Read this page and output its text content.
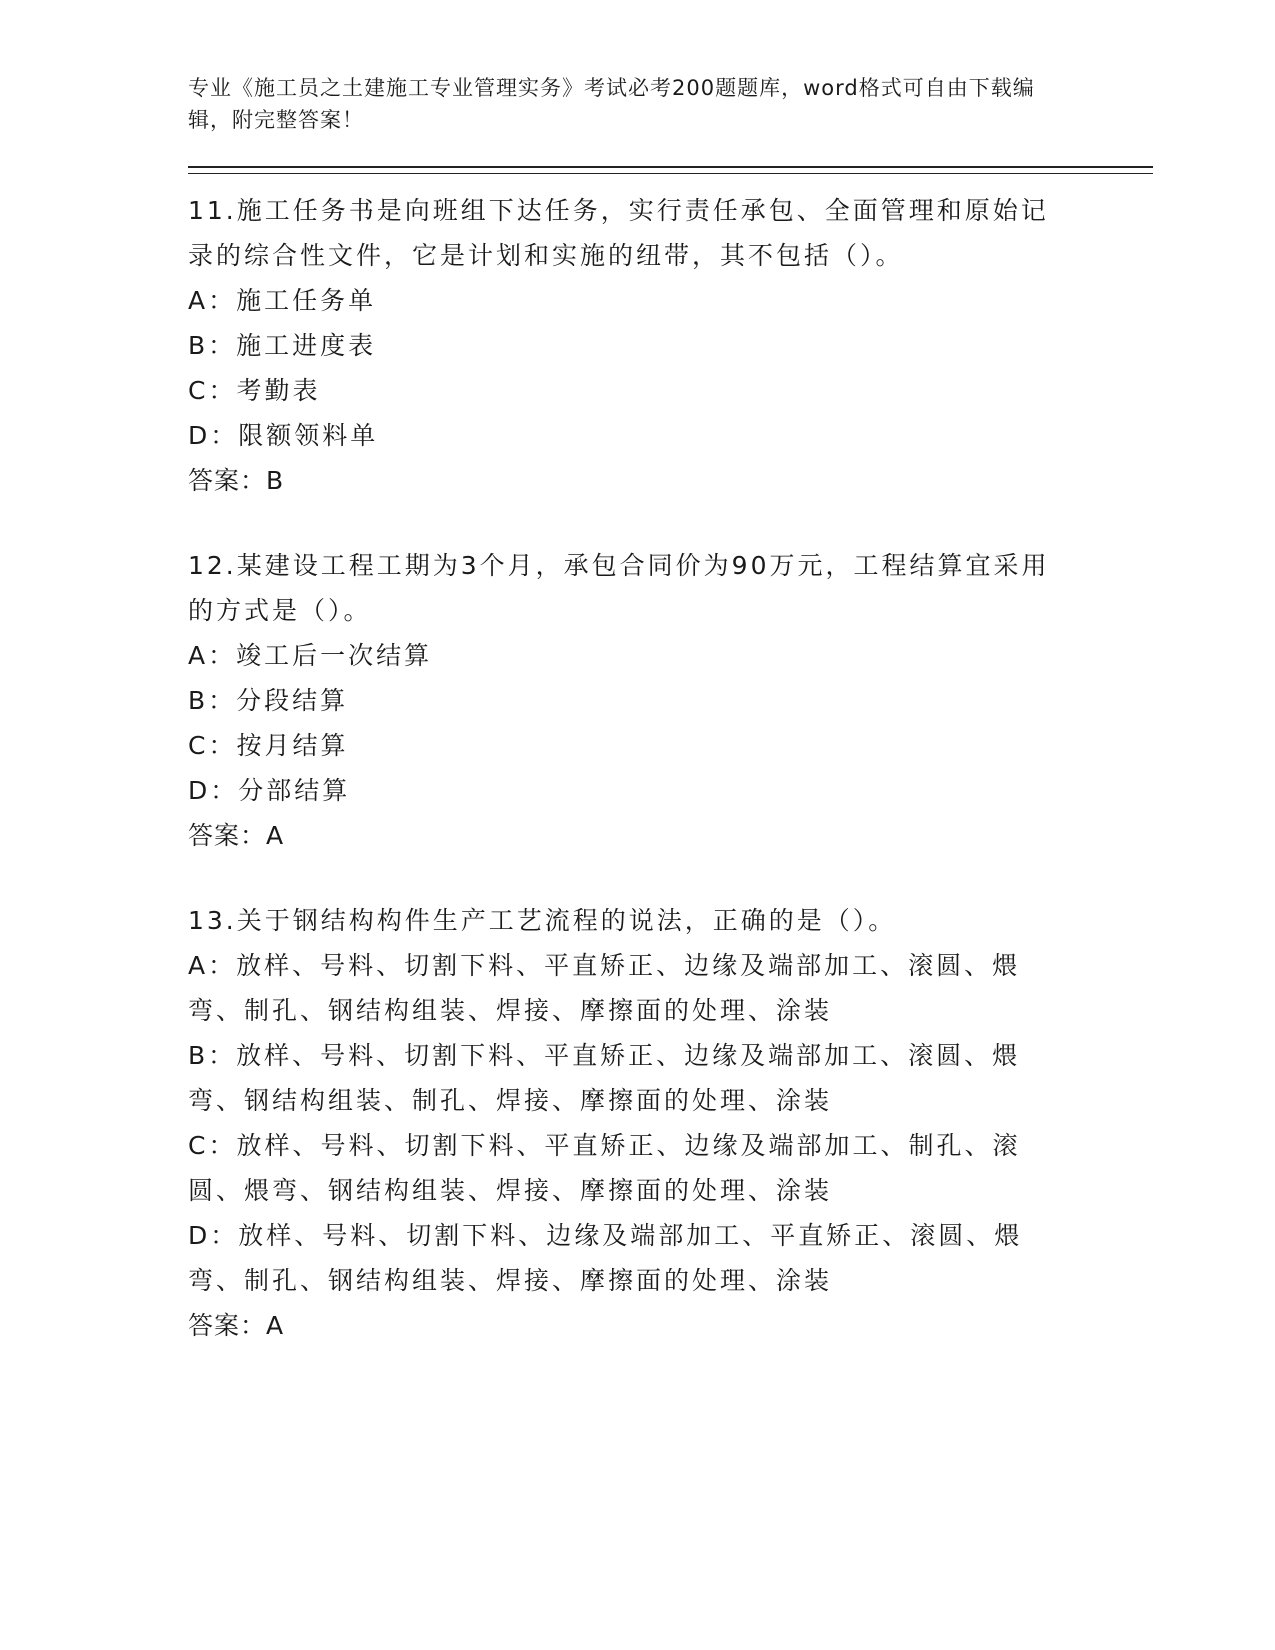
专业《施工员之土建施工专业管理实务》考试必考200题题库，word格式可自由下载编辑，附完整答案！

11.施工任务书是向班组下达任务，实行责任承包、全面管理和原始记录的综合性文件，它是计划和实施的纽带，其不包括（）。

A：施工任务单

B：施工进度表

C：考勤表

D：限额领料单

答案：B

12.某建设工程工期为3个月，承包合同价为90万元，工程结算宜采用的方式是（）。

A：竣工后一次结算

B：分段结算

C：按月结算

D：分部结算

答案：A

13.关于钢结构构件生产工艺流程的说法，正确的是（）。

A：放样、号料、切割下料、平直矫正、边缘及端部加工、滚圆、煨弯、制孔、钢结构组装、焊接、摩擦面的处理、涂装

B：放样、号料、切割下料、平直矫正、边缘及端部加工、滚圆、煨弯、钢结构组装、制孔、焊接、摩擦面的处理、涂装

C：放样、号料、切割下料、平直矫正、边缘及端部加工、制孔、滚圆、煨弯、钢结构组装、焊接、摩擦面的处理、涂装

D：放样、号料、切割下料、边缘及端部加工、平直矫正、滚圆、煨弯、制孔、钢结构组装、焊接、摩擦面的处理、涂装

答案：A
